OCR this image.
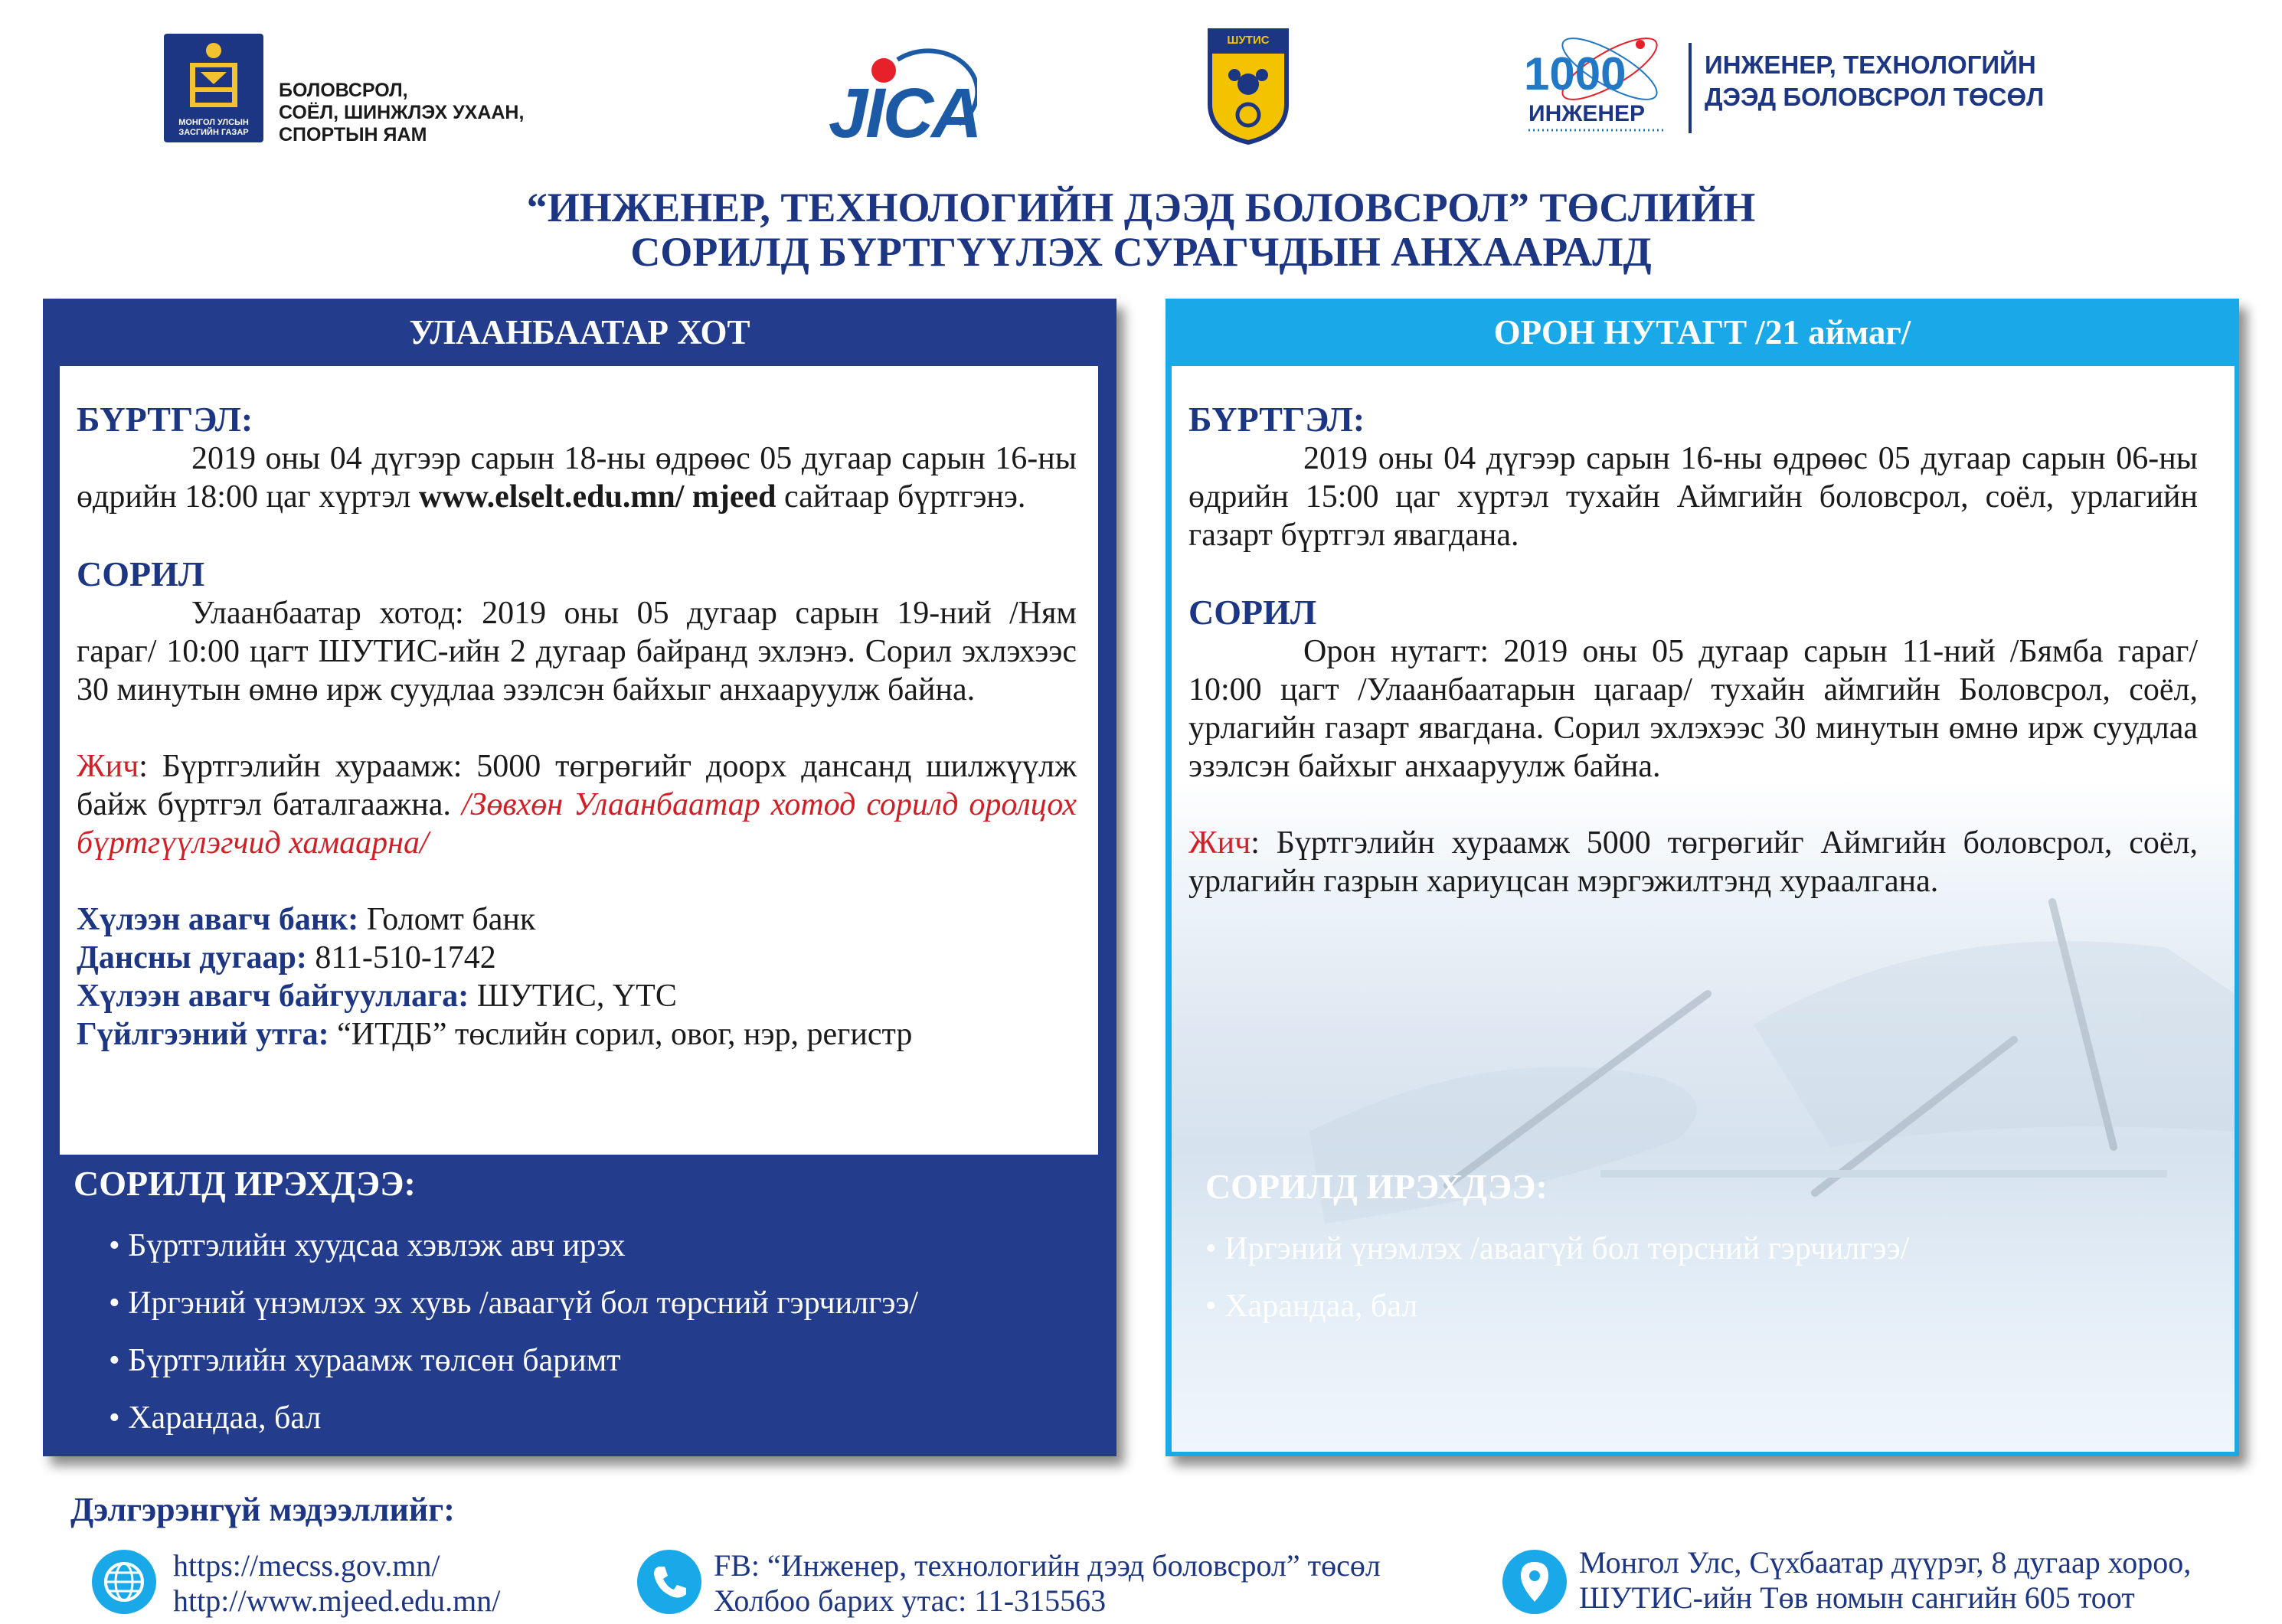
МОНГОЛ УЛСЫН
ЗАСГИЙН ГАЗАР
БОЛОВСРОЛ,
СОЁЛ, ШИНЖЛЭХ УХААН,
СПОРТЫН ЯАМ	JICA
ШУТИС
1000
ИНЖЕНЕР
ИНЖЕНЕР, ТЕХНОЛОГИЙН
ДЭЭД БОЛОВСРОЛ ТӨСӨЛ
“ИНЖЕНЕР, ТЕХНОЛОГИЙН ДЭЭД БОЛОВСРОЛ” ТӨСЛИЙН
СОРИЛД БҮРТГҮҮЛЭХ СУРАГЧДЫН АНХААРАЛД
УЛААНБААТАР ХОТ
БҮРТГЭЛ:
2019 оны 04 дүгээр сарын 18-ны өдрөөс 05 дугаар сарын 16-ны өдрийн 18:00 цаг хүртэл www.elselt.edu.mn/ mjeed сайтаар бүртгэнэ.
СОРИЛ
Улаанбаатар хотод: 2019 оны 05 дугаар сарын 19-ний /Ням гараг/ 10:00 цагт ШУТИС-ийн 2 дугаар байранд эхлэнэ. Сорил эхлэхээс 30 минутын өмнө ирж суудлаа эзэлсэн байхыг анхааруулж байна.
Жич: Бүртгэлийн хураамж: 5000 төгрөгийг доорх дансанд шилжүүлж байж бүртгэл баталгаажна. /Зөвхөн Улаанбаатар хотод сорилд оролцох бүртгүүлэгчид хамаарна/
Хүлээн авагч банк: Голомт банк
Дансны дугаар: 811-510-1742
Хүлээн авагч байгууллага: ШУТИС, ҮТС
Гүйлгээний утга: “ИТДБ” төслийн сорил, овог, нэр, регистр
СОРИЛД ИРЭХДЭЭ:
• Бүртгэлийн хуудсаа хэвлэж авч ирэх
• Иргэний үнэмлэх эх хувь /аваагүй бол төрсний гэрчилгээ/
• Бүртгэлийн хураамж төлсөн баримт
• Харандаа, бал
ОРОН НУТАГТ /21 аймаг/
БҮРТГЭЛ:
2019 оны 04 дүгээр сарын 16-ны өдрөөс 05 дугаар сарын 06-ны өдрийн 15:00 цаг хүртэл тухайн Аймгийн боловсрол, соёл, урлагийн газарт бүртгэл явагдана.
СОРИЛ
Орон нутагт: 2019 оны 05 дугаар сарын 11-ний /Бямба гараг/ 10:00 цагт /Улаанбаатарын цагаар/ тухайн аймгийн Боловсрол, соёл, урлагийн газарт явагдана. Сорил эхлэхээс 30 минутын өмнө ирж суудлаа эзэлсэн байхыг анхааруулж байна.
Жич: Бүртгэлийн хураамж 5000 төгрөгийг Аймгийн боловсрол, соёл, урлагийн газрын хариуцсан мэргэжилтэнд хураалгана.
СОРИЛД ИРЭХДЭЭ:
• Иргэний үнэмлэх /аваагүй бол төрсний гэрчилгээ/
• Харандаа, бал
Дэлгэрэнгүй мэдээллийг:
https://mecss.gov.mn/
http://www.mjeed.edu.mn/
FB: “Инженер, технологийн дээд боловсрол” төсөл
Холбоо барих утас: 11-315563
Монгол Улс, Сүхбаатар дүүрэг, 8 дугаар хороо,
ШУТИС-ийн Төв номын сангийн 605 тоот
